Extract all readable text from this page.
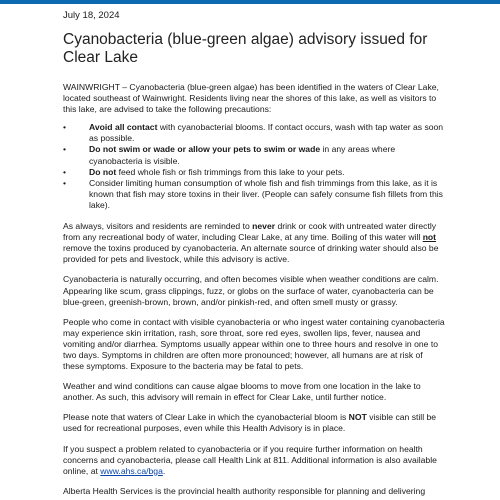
July 18, 2024
Cyanobacteria (blue-green algae) advisory issued for Clear Lake

WAINWRIGHT – Cyanobacteria (blue-green algae) has been identified in the waters of Clear Lake, located southeast of Wainwright. Residents living near the shores of this lake, as well as visitors to this lake, are advised to take the following precautions:

•	Avoid all contact with cyanobacterial blooms. If contact occurs, wash with tap water as soon as possible.
•	Do not swim or wade or allow your pets to swim or wade in any areas where cyanobacteria is visible.
•	Do not feed whole fish or fish trimmings from this lake to your pets.
•	Consider limiting human consumption of whole fish and fish trimmings from this lake, as it is known that fish may store toxins in their liver. (People can safely consume fish fillets from this lake).

As always, visitors and residents are reminded to never drink or cook with untreated water directly from any recreational body of water, including Clear Lake, at any time. Boiling of this water will not remove the toxins produced by cyanobacteria. An alternate source of drinking water should also be provided for pets and livestock, while this advisory is active.

Cyanobacteria is naturally occurring, and often becomes visible when weather conditions are calm. Appearing like scum, grass clippings, fuzz, or globs on the surface of water, cyanobacteria can be blue-green, greenish-brown, brown, and/or pinkish-red, and often smell musty or grassy.

People who come in contact with visible cyanobacteria or who ingest water containing cyanobacteria may experience skin irritation, rash, sore throat, sore red eyes, swollen lips, fever, nausea and vomiting and/or diarrhea. Symptoms usually appear within one to three hours and resolve in one to two days. Symptoms in children are often more pronounced; however, all humans are at risk of these symptoms. Exposure to the bacteria may be fatal to pets.

Weather and wind conditions can cause algae blooms to move from one location in the lake to another. As such, this advisory will remain in effect for Clear Lake, until further notice.

Please note that waters of Clear Lake in which the cyanobacterial bloom is NOT visible can still be used for recreational purposes, even while this Health Advisory is in place.

If you suspect a problem related to cyanobacteria or if you require further information on health concerns and cyanobacteria, please call Health Link at 811. Additional information is also available online, at www.ahs.ca/bga.

Alberta Health Services is the provincial health authority responsible for planning and delivering
